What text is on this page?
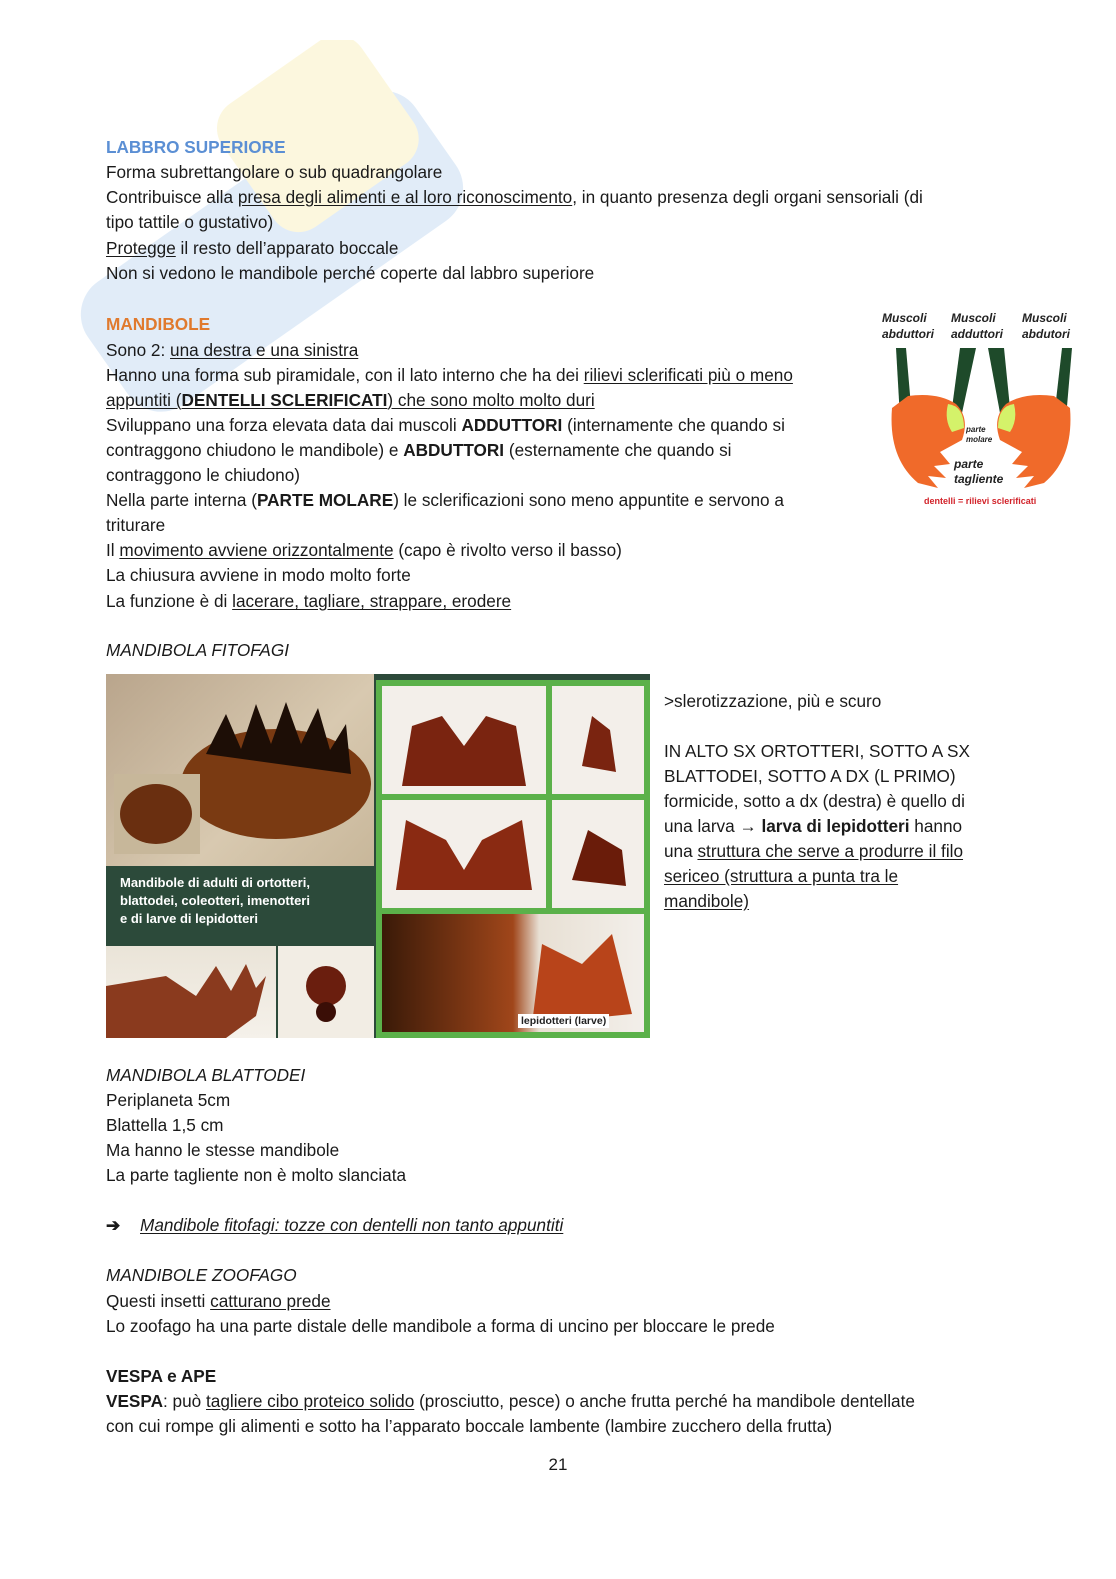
LABBRO SUPERIORE
Forma subrettangolare o sub quadrangolare
Contribuisce alla presa degli alimenti e al loro riconoscimento, in quanto presenza degli organi sensoriali (di
tipo tattile o gustativo)
Protegge il resto dell’apparato boccale
Non si vedono le mandibole perché coperte dal labbro superiore
MANDIBOLE
Sono 2: una destra e una sinistra
Hanno una forma sub piramidale, con il lato interno che ha dei rilievi sclerificati più o meno
appuntiti (DENTELLI SCLERIFICATI) che sono molto molto duri
Sviluppano una forza elevata data dai muscoli ADDUTTORI (internamente che quando si
contraggono chiudono le mandibole) e ABDUTTORI (esternamente che quando si
contraggono le chiudono)
Nella parte interna (PARTE MOLARE) le sclerificazioni sono meno appuntite e servono a
triturare
Il movimento avviene orizzontalmente (capo è rivolto verso il basso)
La chiusura avviene in modo molto forte
La funzione è di lacerare, tagliare, strappare, erodere
Muscoli
abduttori
Muscoli
adduttori
Muscoli
abdutori
parte
molare
parte
tagliente
dentelli = rilievi sclerificati
MANDIBOLA FITOFAGI
Mandibole di adulti di ortotteri,
blattodei, coleotteri, imenotteri
e di larve di lepidotteri
lepidotteri (larve)
>slerotizzazione, più e scuro
IN ALTO SX ORTOTTERI, SOTTO A SX
BLATTODEI, SOTTO A DX (L PRIMO)
formicide, sotto a dx (destra) è quello di
una larva → larva di lepidotteri hanno
una struttura che serve a produrre il filo
sericeo (struttura a punta tra le
mandibole)
MANDIBOLA BLATTODEI
Periplaneta 5cm
Blattella 1,5 cm
Ma hanno le stesse mandibole
La parte tagliente non è molto slanciata
➔ Mandibole fitofagi: tozze con dentelli non tanto appuntiti
MANDIBOLE ZOOFAGO
Questi insetti catturano prede
Lo zoofago ha una parte distale delle mandibole a forma di uncino per bloccare le prede
VESPA e APE
VESPA: può tagliere cibo proteico solido (prosciutto, pesce) o anche frutta perché ha mandibole dentellate
con cui rompe gli alimenti e sotto ha l’apparato boccale lambente (lambire zucchero della frutta)
21
